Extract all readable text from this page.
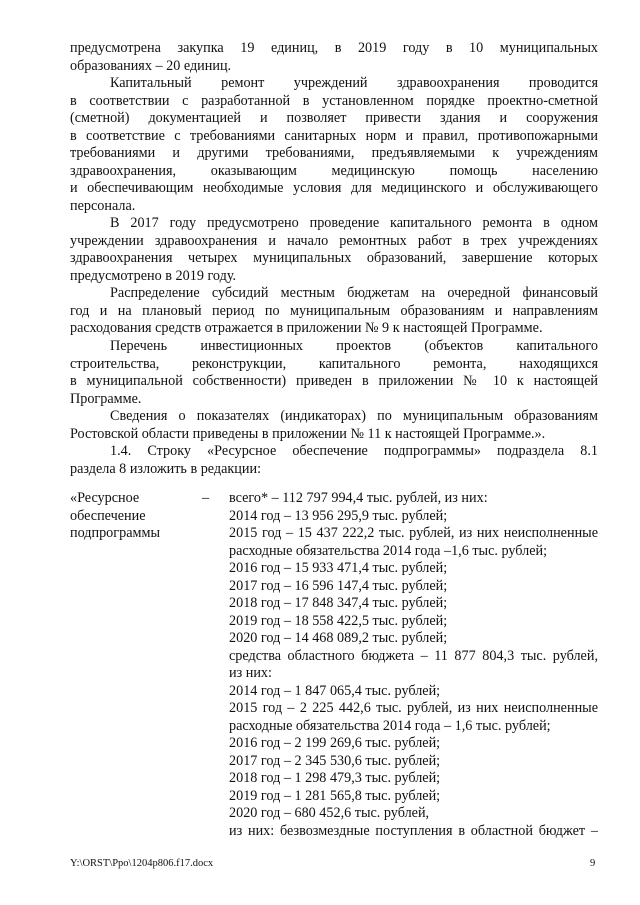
предусмотрена закупка 19 единиц, в 2019 году в 10 муниципальных
образованиях – 20 единиц.
Капитальный ремонт учреждений здравоохранения проводится
в соответствии с разработанной в установленном порядке проектно-сметной
(сметной) документацией и позволяет привести здания и сооружения
в соответствие с требованиями санитарных норм и правил, противопожарными
требованиями и другими требованиями, предъявляемыми к учреждениям
здравоохранения, оказывающим медицинскую помощь населению
и обеспечивающим необходимые условия для медицинского и обслуживающего
персонала.
В 2017 году предусмотрено проведение капитального ремонта в одном
учреждении здравоохранения и начало ремонтных работ в трех учреждениях
здравоохранения четырех муниципальных образований, завершение которых
предусмотрено в 2019 году.
Распределение субсидий местным бюджетам на очередной финансовый
год и на плановый период по муниципальным образованиям и направлениям
расходования средств отражается в приложении № 9 к настоящей Программе.
Перечень инвестиционных проектов (объектов капитального
строительства, реконструкции, капитального ремонта, находящихся
в муниципальной собственности) приведен в приложении № 10 к настоящей
Программе.
Сведения о показателях (индикаторах) по муниципальным образованиям
Ростовской области приведены в приложении № 11 к настоящей Программе.».
1.4. Строку «Ресурсное обеспечение подпрограммы» подраздела 8.1
раздела 8 изложить в редакции:
«Ресурсное
обеспечение
подпрограммы
– всего* – 112 797 994,4 тыс. рублей, из них:
2014 год – 13 956 295,9 тыс. рублей;
2015 год – 15 437 222,2 тыс. рублей, из них неисполненные
расходные обязательства 2014 года –1,6 тыс. рублей;
2016 год – 15 933 471,4 тыс. рублей;
2017 год – 16 596 147,4 тыс. рублей;
2018 год – 17 848 347,4 тыс. рублей;
2019 год – 18 558 422,5 тыс. рублей;
2020 год – 14 468 089,2 тыс. рублей;
средства областного бюджета – 11 877 804,3 тыс. рублей,
из них:
2014 год – 1 847 065,4 тыс. рублей;
2015 год – 2 225 442,6 тыс. рублей, из них неисполненные
расходные обязательства 2014 года – 1,6 тыс. рублей;
2016 год – 2 199 269,6 тыс. рублей;
2017 год – 2 345 530,6 тыс. рублей;
2018 год – 1 298 479,3 тыс. рублей;
2019 год – 1 281 565,8 тыс. рублей;
2020 год – 680 452,6 тыс. рублей,
из них: безвозмездные поступления в областной бюджет –
Y:\ORST\Ppo\1204p806.f17.docx	9
